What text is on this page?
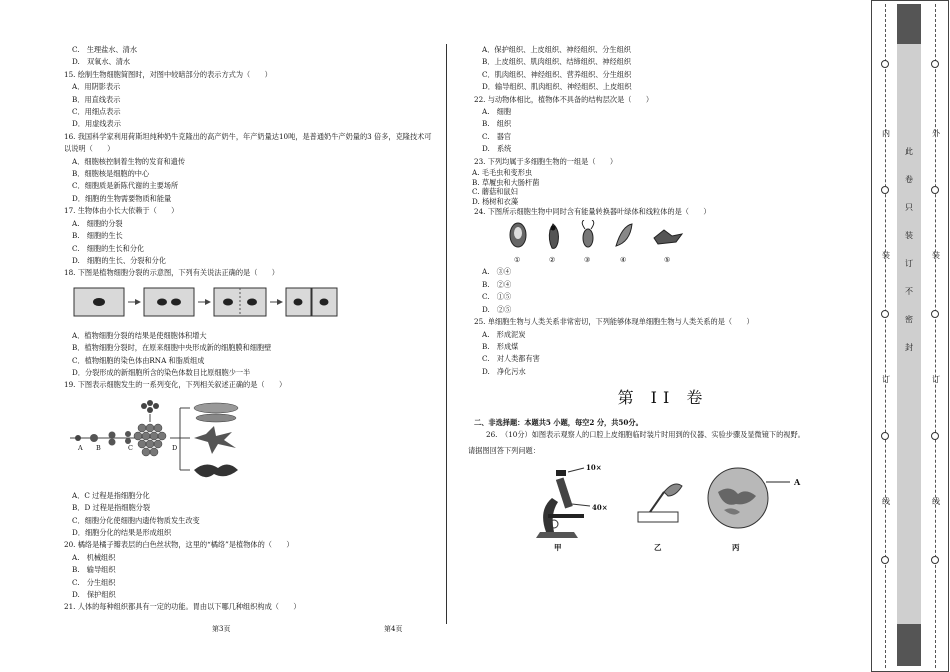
C.　生理盐水、清水
D.　双氧水、清水
15. 绘制生物细胞简图时，对图中较暗部分的表示方式为（　　）
A．用阴影表示
B．用直线表示
C．用细点表示
D．用虚线表示
16. 我国科学家利用荷斯坦纯种奶牛克隆出的高产奶牛，年产奶量达10吨，是普通奶牛产奶量的3 倍多，克隆技术可以说明（　　）
A．细胞核控制着生物的发育和遗传
B．细胞核是细胞的中心
C．细胞质是新陈代谢的主要场所
D．细胞的生物需要物质和能量
17. 生物体由小长大依赖于（　　）
A.　细胞的分裂
B.　细胞的生长
C.　细胞的生长和分化
D.　细胞的生长、分裂和分化
18. 下图是植物细胞分裂的示意图，下列有关说法正确的是（　　）
A．植物细胞分裂的结果是使细胞体积增大
B．植物细胞分裂时，在原来细胞中央形成新的细胞膜和细胞壁
C．植物细胞的染色体由RNA 和脂质组成
D．分裂形成的新细胞所含的染色体数目比原细胞少一半
19. 下图表示细胞发生的一系列变化，下列相关叙述正确的是（　　）
A B	C	D
A．C 过程是指细胞分化
B．D 过程是指细胞分裂
C．细胞分化使细胞内遗传物质发生改变
D．细胞分化的结果是形成组织
20. 橘络是橘子瓣表层的白色丝状物，这里的“橘络”是植物体的（　　）
A.　机械组织
B.　输导组织
C.　分生组织
D.　保护组织
21. 人体的每种组织都具有一定的功能。胃由以下哪几种组织构成（　　）
第3页	第4页
A．保护组织、上皮组织、神经组织、分生组织
B．上皮组织、肌肉组织、结缔组织、神经组织
C．肌肉组织、神经组织、营养组织、分生组织
D．输导组织、肌肉组织、神经组织、上皮组织
22. 与动物体相比，植物体不具备的结构层次是（　　）
A.　细胞
B.　组织
C.　器官
D.　系统
23. 下列均属于多细胞生物的一组是（　　）
A. 毛毛虫和变形虫
B. 草履虫和大肠杆菌
C. 蘑菇和鼠妇
D. 杨树和衣藻
24. 下图所示细胞生物中同时含有能量转换器叶绿体和线粒体的是（　　）
①	②	③	④	⑤
A.　③④
B.　②④
C.　①⑤
D.　②⑤
25. 单细胞生物与人类关系非常密切，下列能够体现单细胞生物与人类关系的是（　　）
A.　形成泥炭
B.　形成煤
C.　对人类都有害
D.　净化污水
第 II 卷
二、非选择题：本题共5 小题，每空2 分，共50分。
26.　（10分）如图表示观察人的口腔上皮细胞临时装片时用到的仪器、实验步骤及显微镜下的视野。
请据图回答下列问题：
10×
40×
A
甲	乙	丙
内	外
装	装
订	订
线	线
此
卷
只
装
订
不
密
封
